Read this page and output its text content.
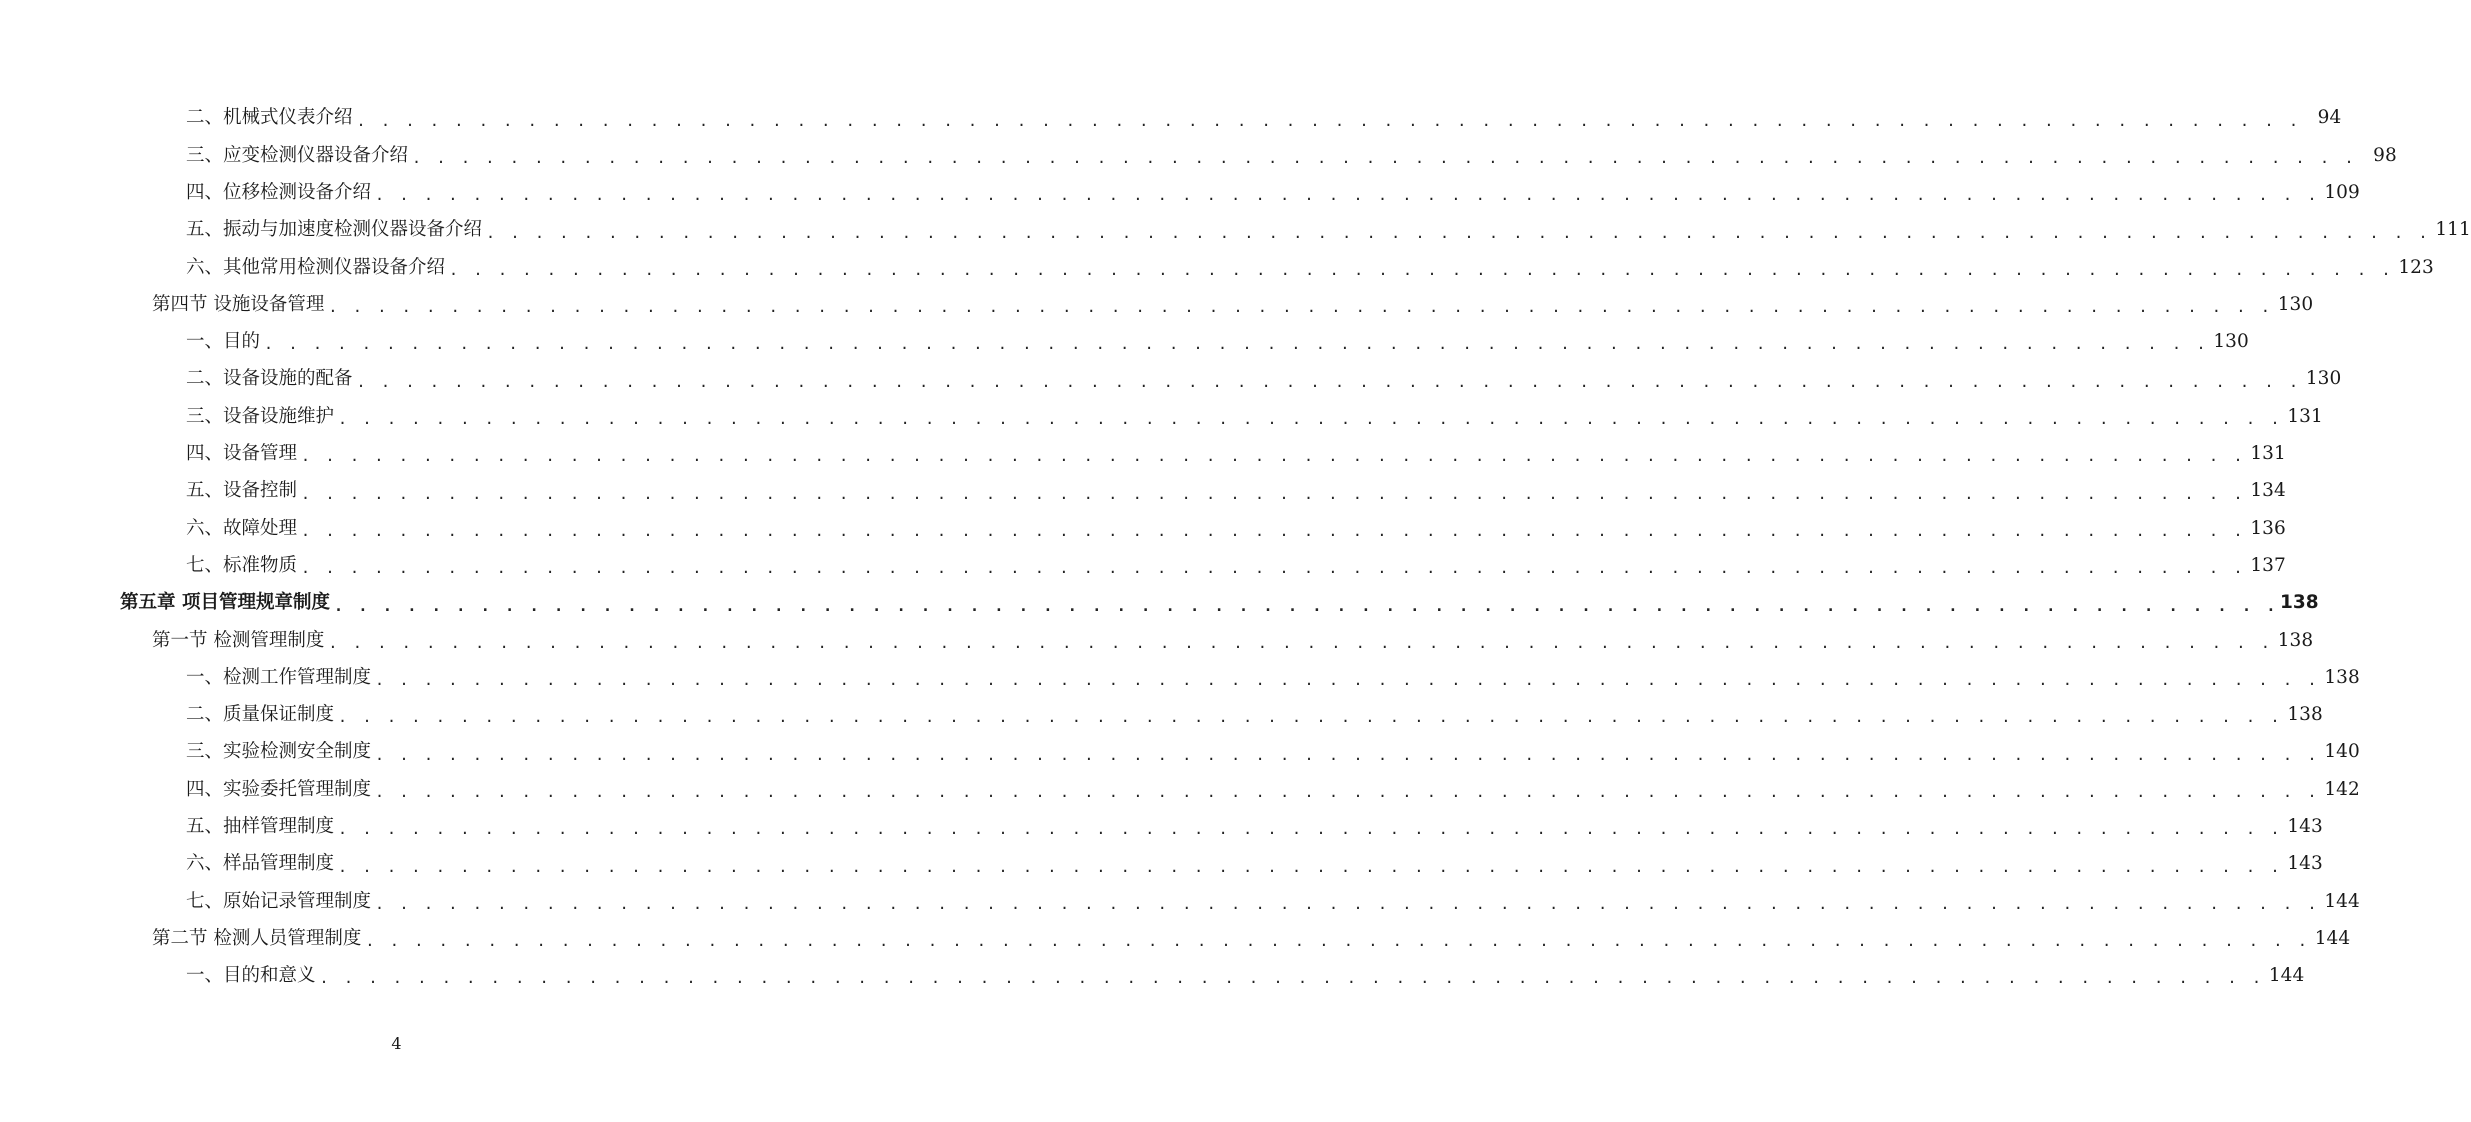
二、机械式仪表介绍 . . . . . . . . . . . . . . . . . . . . . . . . . . . . . . . . . . . . . . . . . . . . . . . . . . . . . . . . . . . . . . . . . . . . . . . . . . . . . . . . 94
三、应变检测仪器设备介绍 . . . . . . . . . . . . . . . . . . . . . . . . . . . . . . . . . . . . . . . . . . . . . . . . . . . . . . . . . . . . . . . . . . . . . . . . . . . . . . . . 98
四、位移检测设备介绍 . . . . . . . . . . . . . . . . . . . . . . . . . . . . . . . . . . . . . . . . . . . . . . . . . . . . . . . . . . . . . . . . . . . . . . . . . . . . . . . . 109
五、振动与加速度检测仪器设备介绍 . . . . . . . . . . . . . . . . . . . . . . . . . . . . . . . . . . . . . . . . . . . . . . . . . . . . . . . . . . . . . . . . . . . . . . . . . . . . . . . . 111
六、其他常用检测仪器设备介绍 . . . . . . . . . . . . . . . . . . . . . . . . . . . . . . . . . . . . . . . . . . . . . . . . . . . . . . . . . . . . . . . . . . . . . . . . . . . . . . . . 123
第四节 设施设备管理 . . . . . . . . . . . . . . . . . . . . . . . . . . . . . . . . . . . . . . . . . . . . . . . . . . . . . . . . . . . . . . . . . . . . . . . . . . . . . . . . 130
一、目的 . . . . . . . . . . . . . . . . . . . . . . . . . . . . . . . . . . . . . . . . . . . . . . . . . . . . . . . . . . . . . . . . . . . . . . . . . . . . . . . . 130
二、设备设施的配备 . . . . . . . . . . . . . . . . . . . . . . . . . . . . . . . . . . . . . . . . . . . . . . . . . . . . . . . . . . . . . . . . . . . . . . . . . . . . . . . . 130
三、设备设施维护 . . . . . . . . . . . . . . . . . . . . . . . . . . . . . . . . . . . . . . . . . . . . . . . . . . . . . . . . . . . . . . . . . . . . . . . . . . . . . . . . 131
四、设备管理 . . . . . . . . . . . . . . . . . . . . . . . . . . . . . . . . . . . . . . . . . . . . . . . . . . . . . . . . . . . . . . . . . . . . . . . . . . . . . . . . 131
五、设备控制 . . . . . . . . . . . . . . . . . . . . . . . . . . . . . . . . . . . . . . . . . . . . . . . . . . . . . . . . . . . . . . . . . . . . . . . . . . . . . . . . 134
六、故障处理 . . . . . . . . . . . . . . . . . . . . . . . . . . . . . . . . . . . . . . . . . . . . . . . . . . . . . . . . . . . . . . . . . . . . . . . . . . . . . . . . 136
七、标准物质 . . . . . . . . . . . . . . . . . . . . . . . . . . . . . . . . . . . . . . . . . . . . . . . . . . . . . . . . . . . . . . . . . . . . . . . . . . . . . . . . 137
第五章 项目管理规章制度 . . . . . . . . . . . . . . . . . . . . . . . . . . . . . . . . . . . . . . . . . . . . . . . . . . . . . . . . . . . . . . . . . . . . . . . . . . . . . . . . 138
第一节 检测管理制度 . . . . . . . . . . . . . . . . . . . . . . . . . . . . . . . . . . . . . . . . . . . . . . . . . . . . . . . . . . . . . . . . . . . . . . . . . . . . . . . . 138
一、检测工作管理制度 . . . . . . . . . . . . . . . . . . . . . . . . . . . . . . . . . . . . . . . . . . . . . . . . . . . . . . . . . . . . . . . . . . . . . . . . . . . . . . . . 138
二、质量保证制度 . . . . . . . . . . . . . . . . . . . . . . . . . . . . . . . . . . . . . . . . . . . . . . . . . . . . . . . . . . . . . . . . . . . . . . . . . . . . . . . . 138
三、实验检测安全制度 . . . . . . . . . . . . . . . . . . . . . . . . . . . . . . . . . . . . . . . . . . . . . . . . . . . . . . . . . . . . . . . . . . . . . . . . . . . . . . . . 140
四、实验委托管理制度 . . . . . . . . . . . . . . . . . . . . . . . . . . . . . . . . . . . . . . . . . . . . . . . . . . . . . . . . . . . . . . . . . . . . . . . . . . . . . . . . 142
五、抽样管理制度 . . . . . . . . . . . . . . . . . . . . . . . . . . . . . . . . . . . . . . . . . . . . . . . . . . . . . . . . . . . . . . . . . . . . . . . . . . . . . . . . 143
六、样品管理制度 . . . . . . . . . . . . . . . . . . . . . . . . . . . . . . . . . . . . . . . . . . . . . . . . . . . . . . . . . . . . . . . . . . . . . . . . . . . . . . . . 143
七、原始记录管理制度 . . . . . . . . . . . . . . . . . . . . . . . . . . . . . . . . . . . . . . . . . . . . . . . . . . . . . . . . . . . . . . . . . . . . . . . . . . . . . . . . 144
第二节 检测人员管理制度 . . . . . . . . . . . . . . . . . . . . . . . . . . . . . . . . . . . . . . . . . . . . . . . . . . . . . . . . . . . . . . . . . . . . . . . . . . . . . . . . 144
一、目的和意义 . . . . . . . . . . . . . . . . . . . . . . . . . . . . . . . . . . . . . . . . . . . . . . . . . . . . . . . . . . . . . . . . . . . . . . . . . . . . . . . . 144
4
